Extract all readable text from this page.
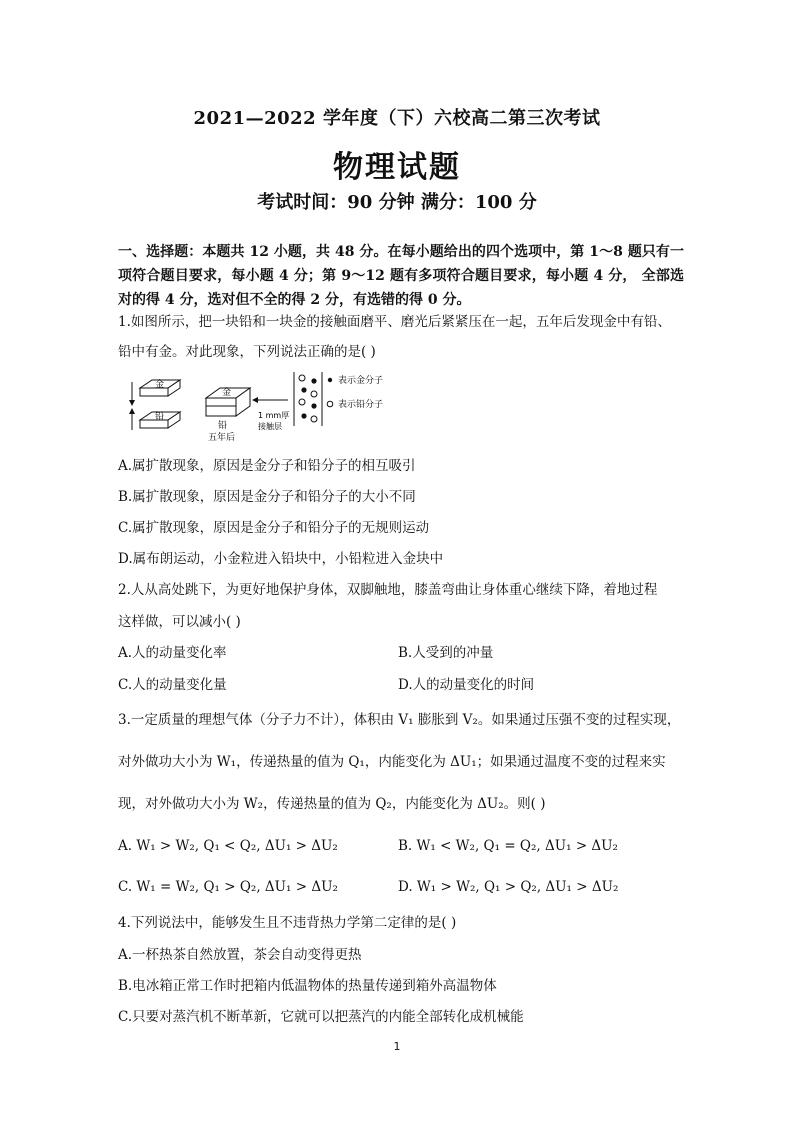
2021—2022 学年度（下）六校高二第三次考试
物理试题
考试时间：90 分钟 满分：100 分
一、选择题：本题共 12 小题，共 48 分。在每小题给出的四个选项中，第 1～8 题只有一项符合题目要求，每小题 4 分；第 9～12 题有多项符合题目要求，每小题 4 分， 全部选对的得 4 分，选对但不全的得 2 分，有选错的得 0 分。
1.如图所示，把一块铅和一块金的接触面磨平、磨光后紧紧压在一起，五年后发现金中有铅、
铅中有金。对此现象，下列说法正确的是( )
金
铅
金
铅
五年后
1 mm厚
接触层
表示金分子
表示铅分子
A.属扩散现象，原因是金分子和铅分子的相互吸引
B.属扩散现象，原因是金分子和铅分子的大小不同
C.属扩散现象，原因是金分子和铅分子的无规则运动
D.属布朗运动，小金粒进入铅块中，小铅粒进入金块中
2.人从高处跳下，为更好地保护身体，双脚触地，膝盖弯曲让身体重心继续下降，着地过程
这样做，可以减小( )
A.人的动量变化率	B.人受到的冲量
C.人的动量变化量	D.人的动量变化的时间
3.一定质量的理想气体（分子力不计），体积由 V₁ 膨胀到 V₂。如果通过压强不变的过程实现，
对外做功大小为 W₁，传递热量的值为 Q₁，内能变化为 ΔU₁；如果通过温度不变的过程来实
现，对外做功大小为 W₂，传递热量的值为 Q₂，内能变化为 ΔU₂。则( )
A. W₁ > W₂, Q₁ < Q₂, ΔU₁ > ΔU₂	B. W₁ < W₂, Q₁ = Q₂, ΔU₁ > ΔU₂
C. W₁ = W₂, Q₁ > Q₂, ΔU₁ > ΔU₂	D. W₁ > W₂, Q₁ > Q₂, ΔU₁ > ΔU₂
4.下列说法中，能够发生且不违背热力学第二定律的是( )
A.一杯热茶自然放置，茶会自动变得更热
B.电冰箱正常工作时把箱内低温物体的热量传递到箱外高温物体
C.只要对蒸汽机不断革新，它就可以把蒸汽的内能全部转化成机械能
1
